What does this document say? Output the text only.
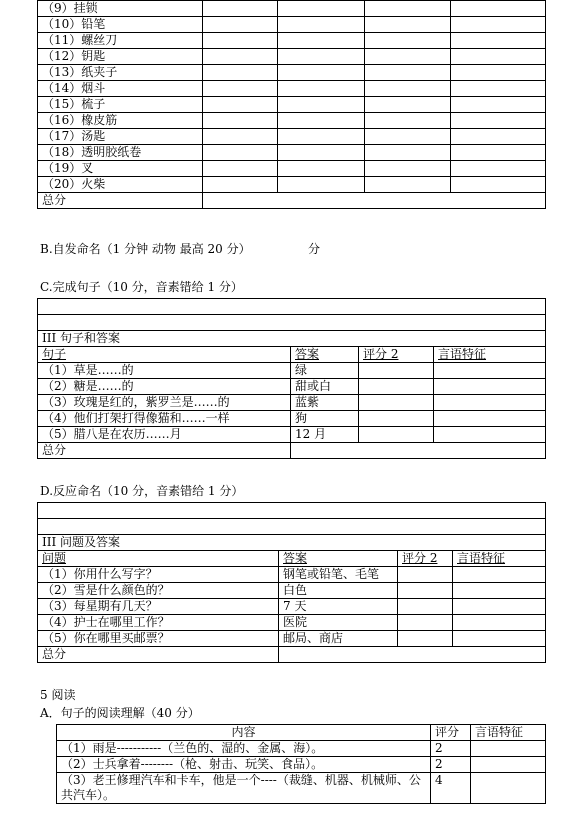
（9）挂锁				
（10）铅笔				
（11）螺丝刀				
（12）钥匙				
（13）纸夹子				
（14）烟斗				
（15）梳子				
（16）橡皮筋				
（17）汤匙				
（18）透明胶纸卷				
（19）叉				
（20）火柴				
总分				
B.自发命名（1 分钟 动物 最高 20 分）	分
C.完成句子（10 分，音素错给 1 分）

III 句子和答案			
句子	答案	评分 2	言语特征
（1）草是……的	绿		
（2）糖是……的	甜或白		
（3）玫瑰是红的，紫罗兰是……的	蓝紫		
（4）他们打架打得像猫和……一样	狗		
（5）腊八是在农历……月	12 月		
总分			
D.反应命名（10 分，音素错给 1 分）

III 问题及答案			
问题	答案	评分 2	言语特征
（1）你用什么写字？	钢笔或铅笔、毛笔		
（2）雪是什么颜色的？	白色		
（3）每星期有几天？	7 天		
（4）护士在哪里工作？	医院		
（5）你在哪里买邮票？	邮局、商店		
总分			
5 阅读
A．句子的阅读理解（40 分）
内容	评分	言语特征
（1）雨是-----------（兰色的、湿的、金属、海）。	2	
（2）士兵拿着--------（枪、射击、玩笑、食品）。	2	
（3）老王修理汽车和卡车，他是一个----（裁缝、机器、机械师、公共汽车）。	4	
